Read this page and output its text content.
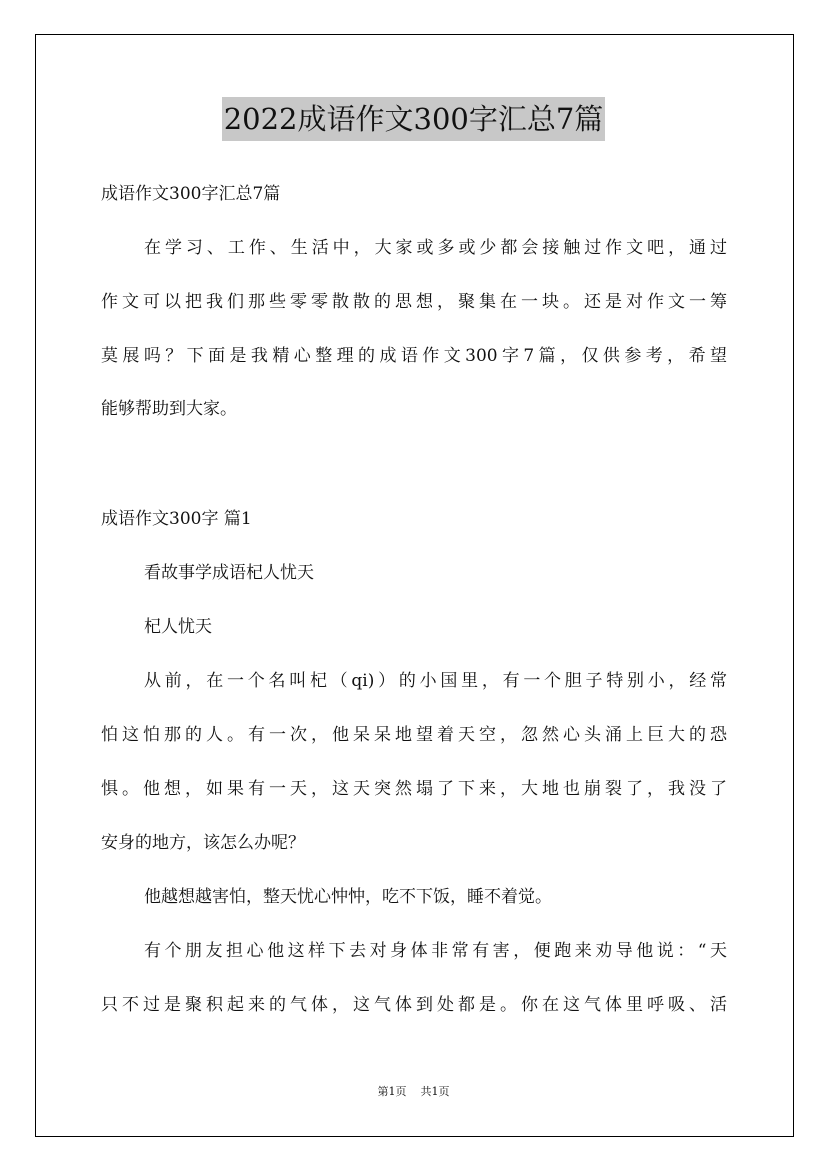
2022成语作文300字汇总7篇
成语作文300字汇总7篇
在学习、工作、生活中，大家或多或少都会接触过作文吧，通过
作文可以把我们那些零零散散的思想，聚集在一块。还是对作文一筹
莫展吗？下面是我精心整理的成语作文300字7篇，仅供参考，希望
能够帮助到大家。
成语作文300字 篇1
看故事学成语杞人忧天
杞人忧天
从前，在一个名叫杞（qi)）的小国里，有一个胆子特别小，经常
怕这怕那的人。有一次，他呆呆地望着天空，忽然心头涌上巨大的恐
惧。他想，如果有一天，这天突然塌了下来，大地也崩裂了，我没了
安身的地方，该怎么办呢？
他越想越害怕，整天忧心忡忡，吃不下饭，睡不着觉。
有个朋友担心他这样下去对身体非常有害，便跑来劝导他说：“天
只不过是聚积起来的气体，这气体到处都是。你在这气体里呼吸、活
第1页 共1页
